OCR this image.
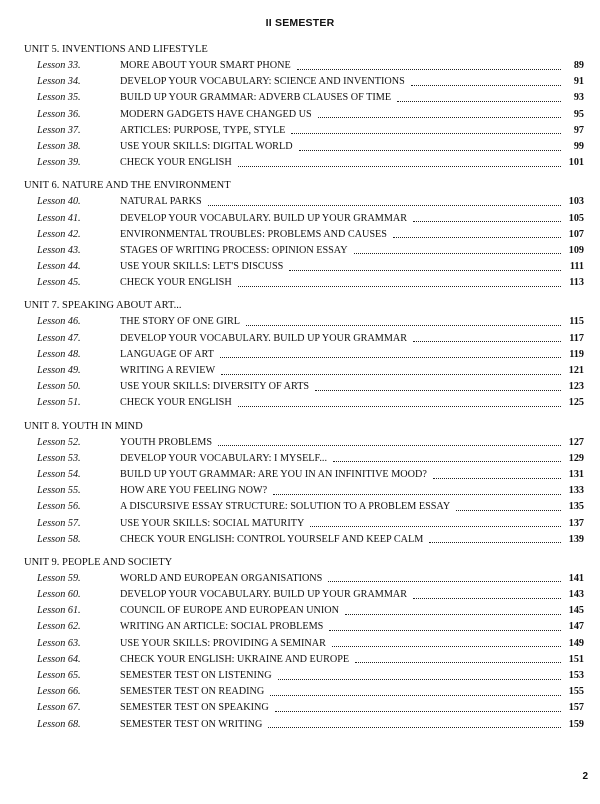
II SEMESTER
UNIT 5. INVENTIONS AND LIFESTYLE
Lesson 33.	MORE ABOUT YOUR SMART PHONE	89
Lesson 34.	DEVELOP YOUR VOCABULARY: SCIENCE AND INVENTIONS	91
Lesson 35.	BUILD UP YOUR GRAMMAR: ADVERB CLAUSES OF TIME	93
Lesson 36.	MODERN GADGETS HAVE CHANGED US	95
Lesson 37.	ARTICLES: PURPOSE, TYPE, STYLE	97
Lesson 38.	USE YOUR SKILLS: DIGITAL WORLD	99
Lesson 39.	CHECK YOUR ENGLISH	101
UNIT 6. NATURE AND THE ENVIRONMENT
Lesson 40.	NATURAL PARKS	103
Lesson 41.	DEVELOP YOUR VOCABULARY. BUILD UP YOUR GRAMMAR	105
Lesson 42.	ENVIRONMENTAL TROUBLES: PROBLEMS AND CAUSES	107
Lesson 43.	STAGES OF WRITING PROCESS: OPINION ESSAY	109
Lesson 44.	USE YOUR SKILLS: LET'S DISCUSS	111
Lesson 45.	CHECK YOUR ENGLISH	113
UNIT 7. SPEAKING ABOUT ART...
Lesson 46.	THE STORY OF ONE GIRL	115
Lesson 47.	DEVELOP YOUR VOCABULARY. BUILD UP YOUR GRAMMAR	117
Lesson 48.	LANGUAGE OF ART	119
Lesson 49.	WRITING A REVIEW	121
Lesson 50.	USE YOUR SKILLS: DIVERSITY OF ARTS	123
Lesson 51.	CHECK YOUR ENGLISH	125
UNIT 8. YOUTH IN MIND
Lesson 52.	YOUTH PROBLEMS	127
Lesson 53.	DEVELOP YOUR VOCABULARY: I MYSELF...	129
Lesson 54.	BUILD UP YOUT GRAMMAR: ARE YOU IN AN INFINITIVE MOOD?	131
Lesson 55.	HOW ARE YOU FEELING NOW?	133
Lesson 56.	A DISCURSIVE ESSAY STRUCTURE: SOLUTION TO A PROBLEM ESSAY	135
Lesson 57.	USE YOUR SKILLS: SOCIAL MATURITY	137
Lesson 58.	CHECK YOUR ENGLISH: CONTROL YOURSELF AND KEEP CALM	139
UNIT 9. PEOPLE AND SOCIETY
Lesson 59.	WORLD AND EUROPEAN ORGANISATIONS	141
Lesson 60.	DEVELOP YOUR VOCABULARY. BUILD UP YOUR GRAMMAR	143
Lesson 61.	COUNCIL OF EUROPE AND EUROPEAN UNION	145
Lesson 62.	WRITING AN ARTICLE: SOCIAL PROBLEMS	147
Lesson 63.	USE YOUR SKILLS: PROVIDING A SEMINAR	149
Lesson 64.	CHECK YOUR ENGLISH: UKRAINE AND EUROPE	151
Lesson 65.	SEMESTER TEST ON LISTENING	153
Lesson 66.	SEMESTER TEST ON READING	155
Lesson 67.	SEMESTER TEST ON SPEAKING	157
Lesson 68.	SEMESTER TEST ON WRITING	159
2
